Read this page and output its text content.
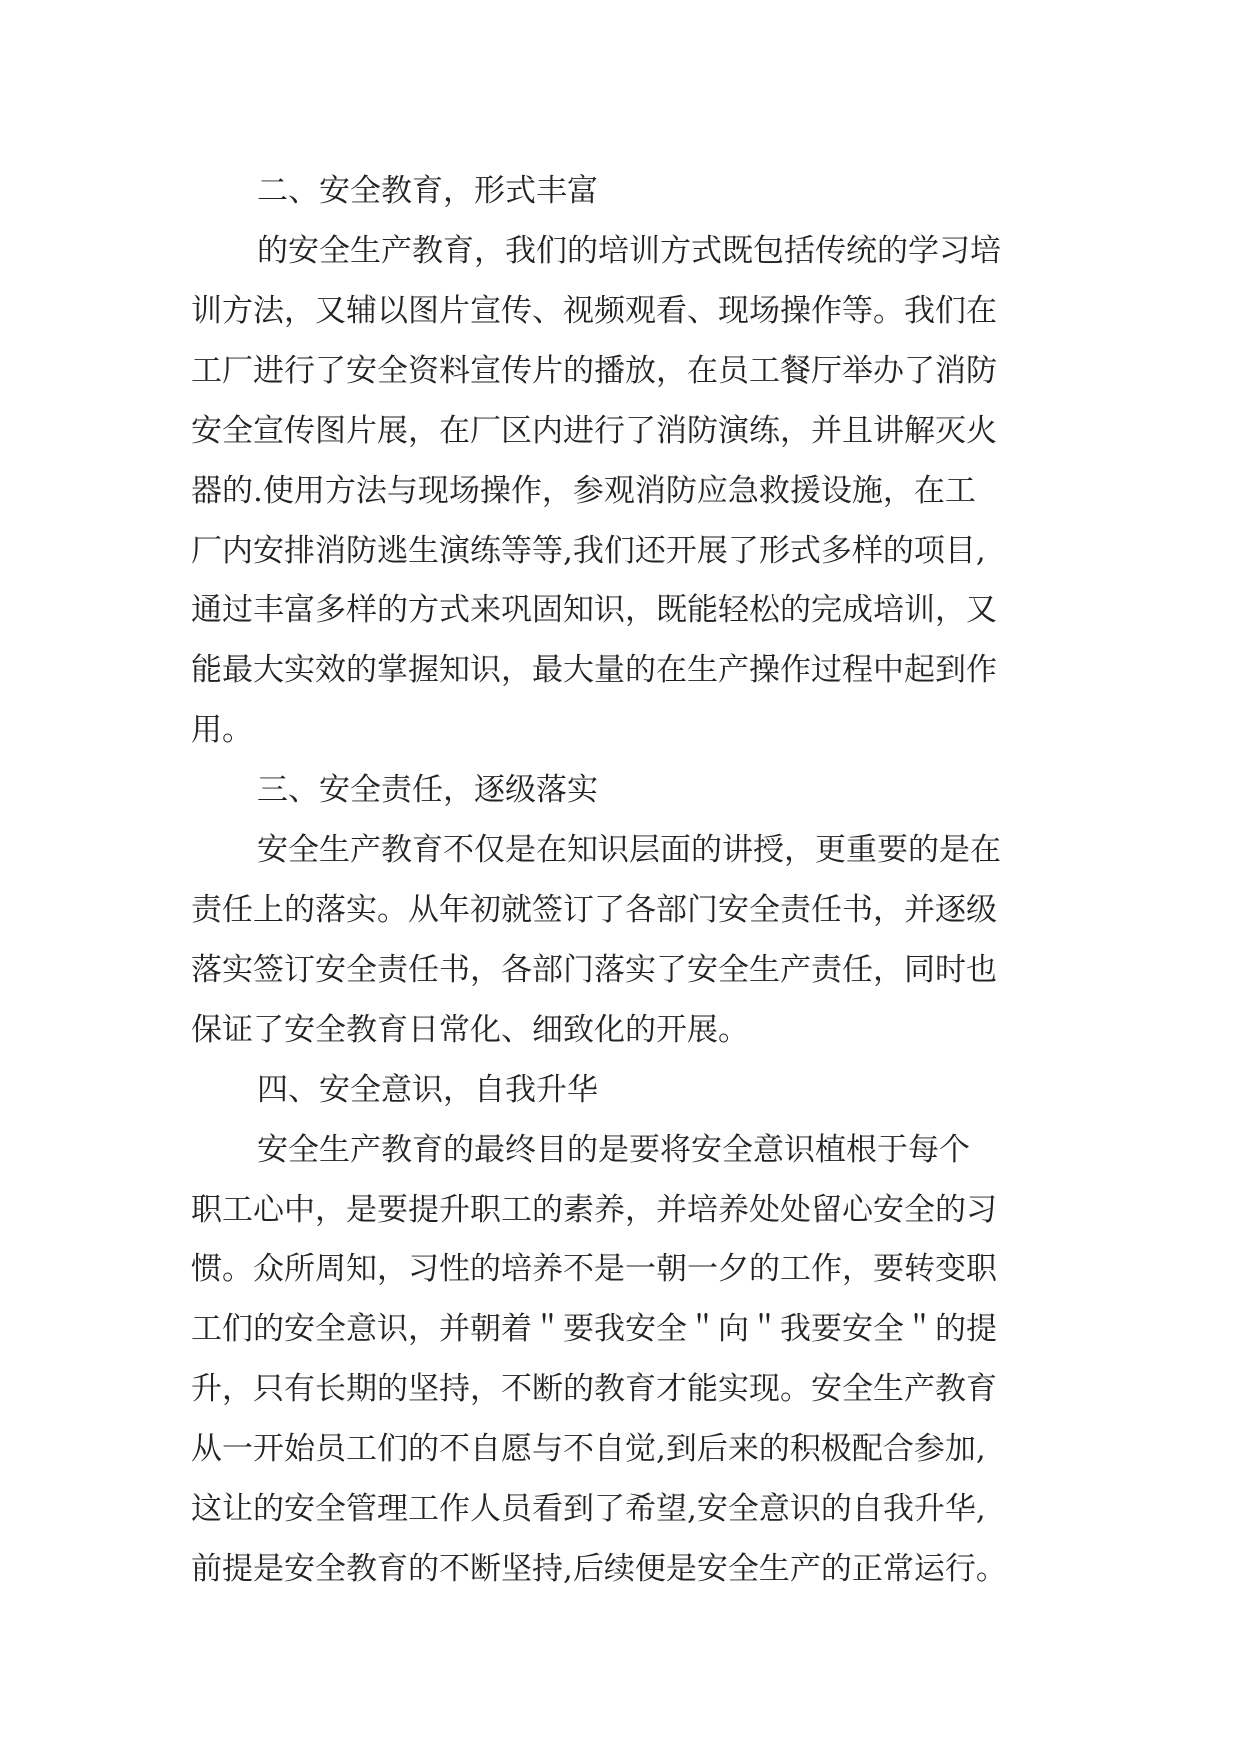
二、安全教育，形式丰富
的安全生产教育，我们的培训方式既包括传统的学习培
训方法，又辅以图片宣传、视频观看、现场操作等。我们在
工厂进行了安全资料宣传片的播放，在员工餐厅举办了消防
安全宣传图片展，在厂区内进行了消防演练，并且讲解灭火
器的.使用方法与现场操作，参观消防应急救援设施，在工
厂内安排消防逃生演练等等,我们还开展了形式多样的项目,
通过丰富多样的方式来巩固知识，既能轻松的完成培训，又
能最大实效的掌握知识，最大量的在生产操作过程中起到作
用。
三、安全责任，逐级落实
安全生产教育不仅是在知识层面的讲授，更重要的是在
责任上的落实。从年初就签订了各部门安全责任书，并逐级
落实签订安全责任书，各部门落实了安全生产责任，同时也
保证了安全教育日常化、细致化的开展。
四、安全意识，自我升华
安全生产教育的最终目的是要将安全意识植根于每个
职工心中，是要提升职工的素养，并培养处处留心安全的习
惯。众所周知，习性的培养不是一朝一夕的工作，要转变职
工们的安全意识，并朝着＂要我安全＂向＂我要安全＂的提
升，只有长期的坚持，不断的教育才能实现。安全生产教育
从一开始员工们的不自愿与不自觉,到后来的积极配合参加,
这让的安全管理工作人员看到了希望,安全意识的自我升华,
前提是安全教育的不断坚持,后续便是安全生产的正常运行。
